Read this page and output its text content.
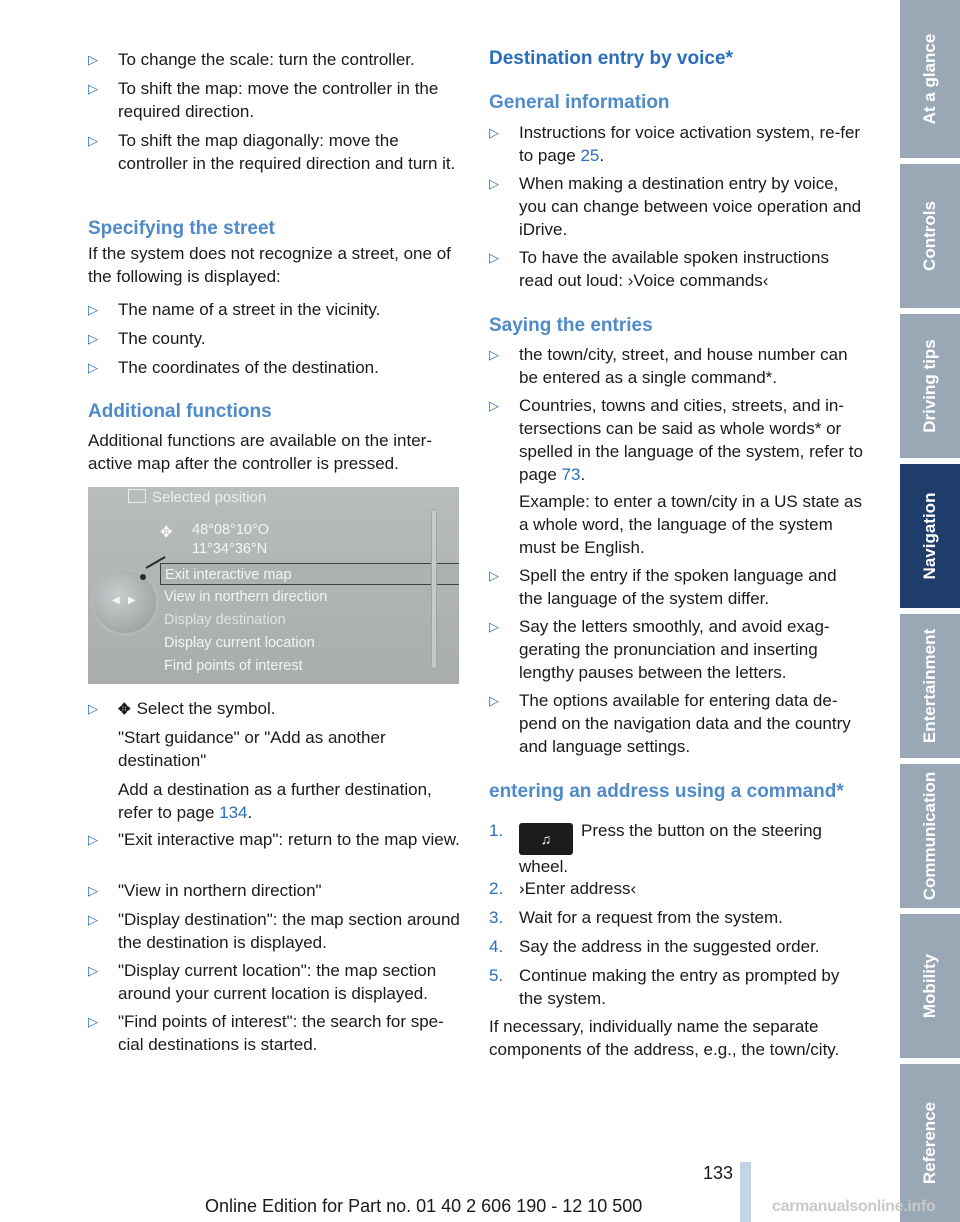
▷ To change the scale: turn the controller.
▷ To shift the map: move the controller in the required direction.
▷ To shift the map diagonally: move the controller in the required direction and turn it.
Specifying the street

If the system does not recognize a street, one of the following is displayed:

▷ The name of a street in the vicinity.
▷ The county.
▷ The coordinates of the destination.
Additional functions

Additional functions are available on the inter-active map after the controller is pressed.

Selected position
✥ 48°08°10°O
11°34°36°N
◀ ▶
Exit interactive map
View in northern direction
Display destination
Display current location
Find points of interest
▷ ✥ Select the symbol.

"Start guidance" or "Add as another destination"

Add a destination as a further destination, refer to page 134.

▷ "Exit interactive map": return to the map view.
▷ "View in northern direction"
▷ "Display destination": the map section around the destination is displayed.
▷ "Display current location": the map section around your current location is displayed.
▷ "Find points of interest": the search for spe-cial destinations is started.
Destination entry by voice*
General information
▷ Instructions for voice activation system, re-fer to page 25.
▷ When making a destination entry by voice, you can change between voice operation and iDrive.
▷ To have the available spoken instructions read out loud: ›Voice commands‹
Saying the entries
▷ the town/city, street, and house number can be entered as a single command*.
▷ Countries, towns and cities, streets, and in-tersections can be said as whole words* or spelled in the language of the system, refer to page 73.

Example: to enter a town/city in a US state as a whole word, the language of the system must be English.

▷ Spell the entry if the spoken language and the language of the system differ.
▷ Say the letters smoothly, and avoid exag-gerating the pronunciation and inserting lengthy pauses between the letters.
▷ The options available for entering data de-pend on the navigation data and the country and language settings.
entering an address using a command*
1.	♫ Press the button on the steering wheel.
2. ›Enter address‹
3. Wait for a request from the system.
4. Say the address in the suggested order.
5. Continue making the entry as prompted by the system.

If necessary, individually name the separate components of the address, e.g., the town/city.

At a glance
Controls
Driving tips
Navigation
Entertainment
Communication
Mobility
Reference
133
Online Edition for Part no. 01 40 2 606 190 - 12 10 500	carmanualsonline.info
